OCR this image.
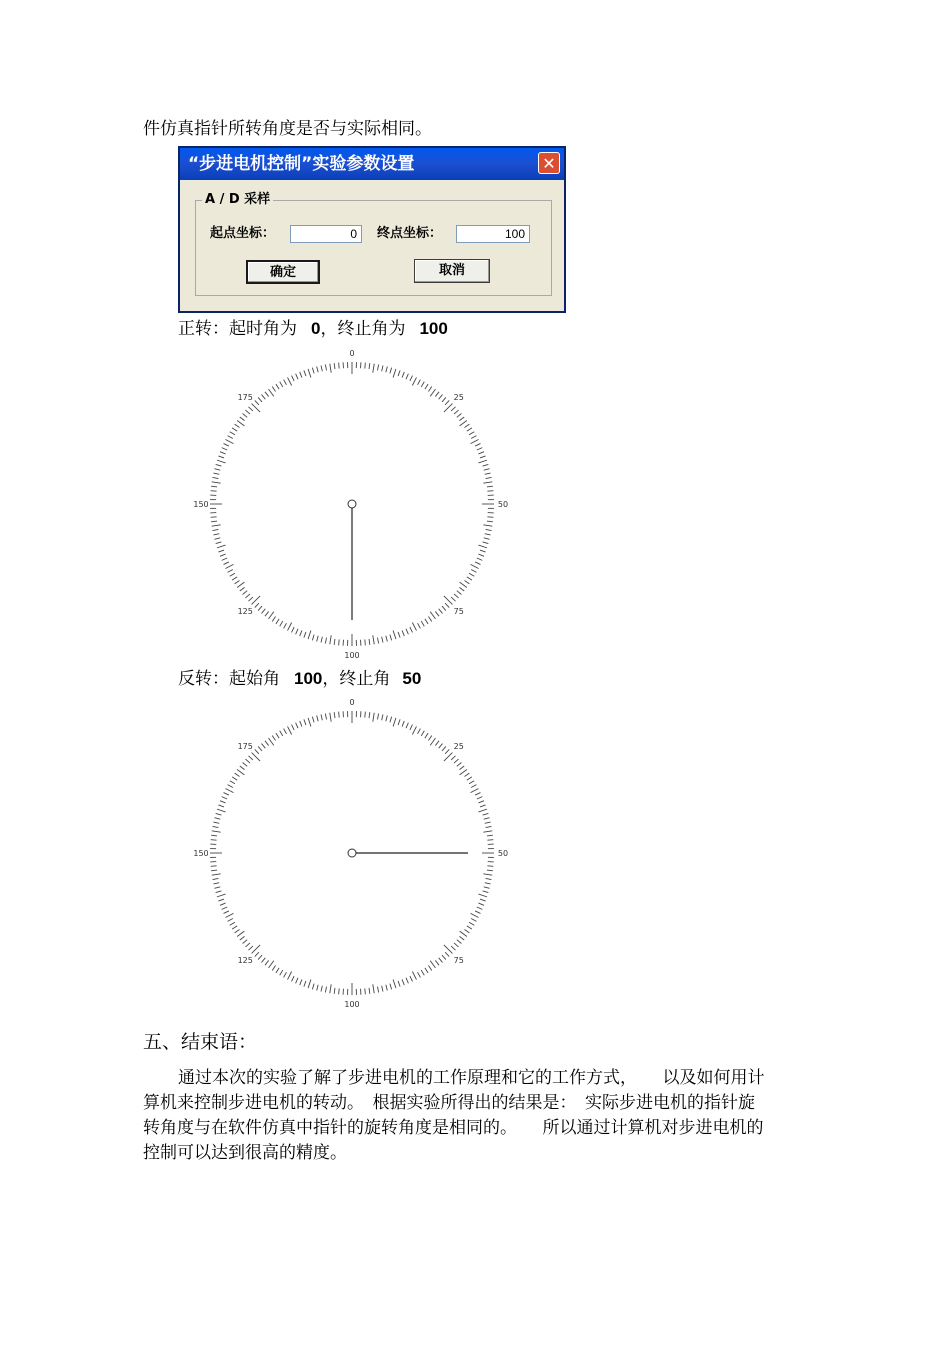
件仿真指针所转角度是否与实际相同。
“步进电机控制”实验参数设置	✕
A / D 采样
起点坐标：	0	终点坐标：	100
确定	取消
正转：起时角为 0，终止角为 100
0
25
50
75
100
125
150
175
反转：起始角 100，终止角 50
0
25
50
75
100
125
150
175
五、结束语：
通过本次的实验了解了步进电机的工作原理和它的工作方式，　　以及如何用计
算机来控制步进电机的转动。　根据实验所得出的结果是：　实际步进电机的指针旋
转角度与在软件仿真中指针的旋转角度是相同的。　　所以通过计算机对步进电机的
控制可以达到很高的精度。
